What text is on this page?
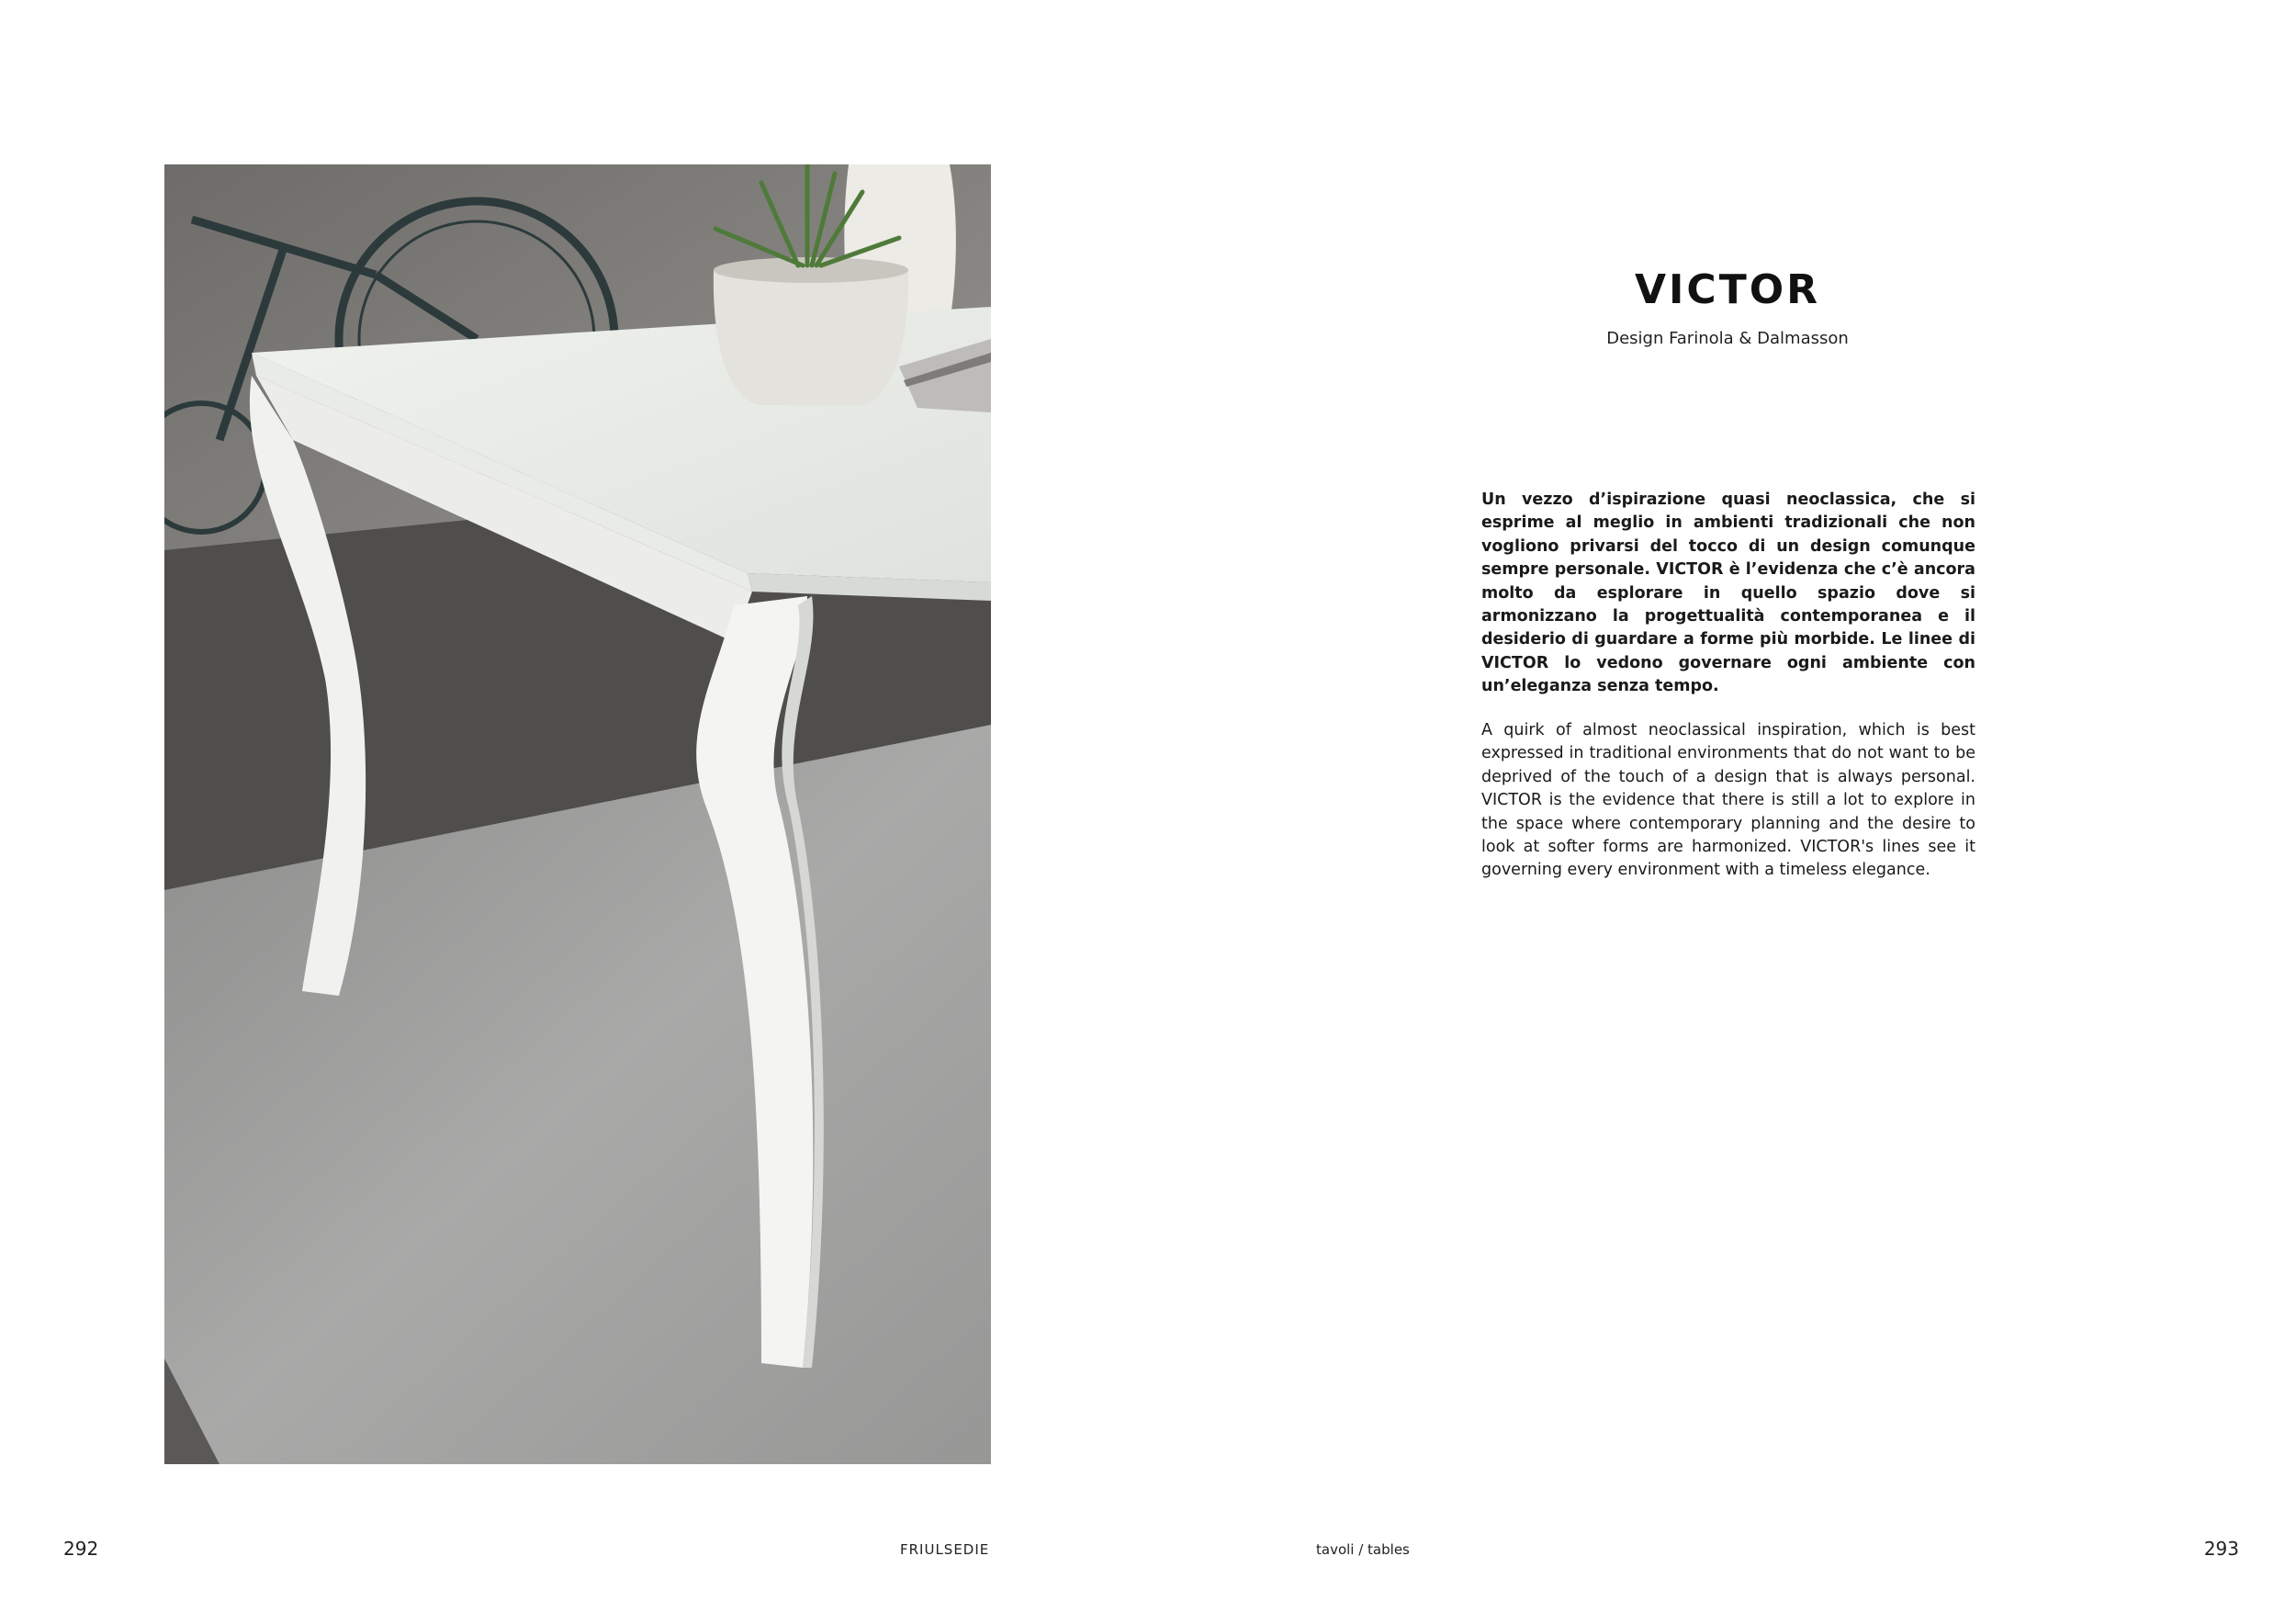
VICTOR

Design Farinola & Dalmasson

Un vezzo d’ispirazione quasi neoclassica, che si esprime al meglio in ambienti tradizionali che non vogliono privarsi del tocco di un design comunque sempre personale. VICTOR è l’evidenza che c’è ancora molto da esplorare in quello spazio dove si armonizzano la progettualità contemporanea e il desiderio di guardare a forme più morbide. Le linee di VICTOR lo vedono governare ogni ambiente con un’eleganza senza tempo.

A quirk of almost neoclassical inspiration, which is best expressed in traditional environments that do not want to be deprived of the touch of a design that is always personal. VICTOR is the evidence that there is still a lot to explore in the space where contemporary planning and the desire to look at softer forms are harmonized. VICTOR's lines see it governing every environment with a timeless elegance.

292	FRIULSEDIE	tavoli / tables	293
